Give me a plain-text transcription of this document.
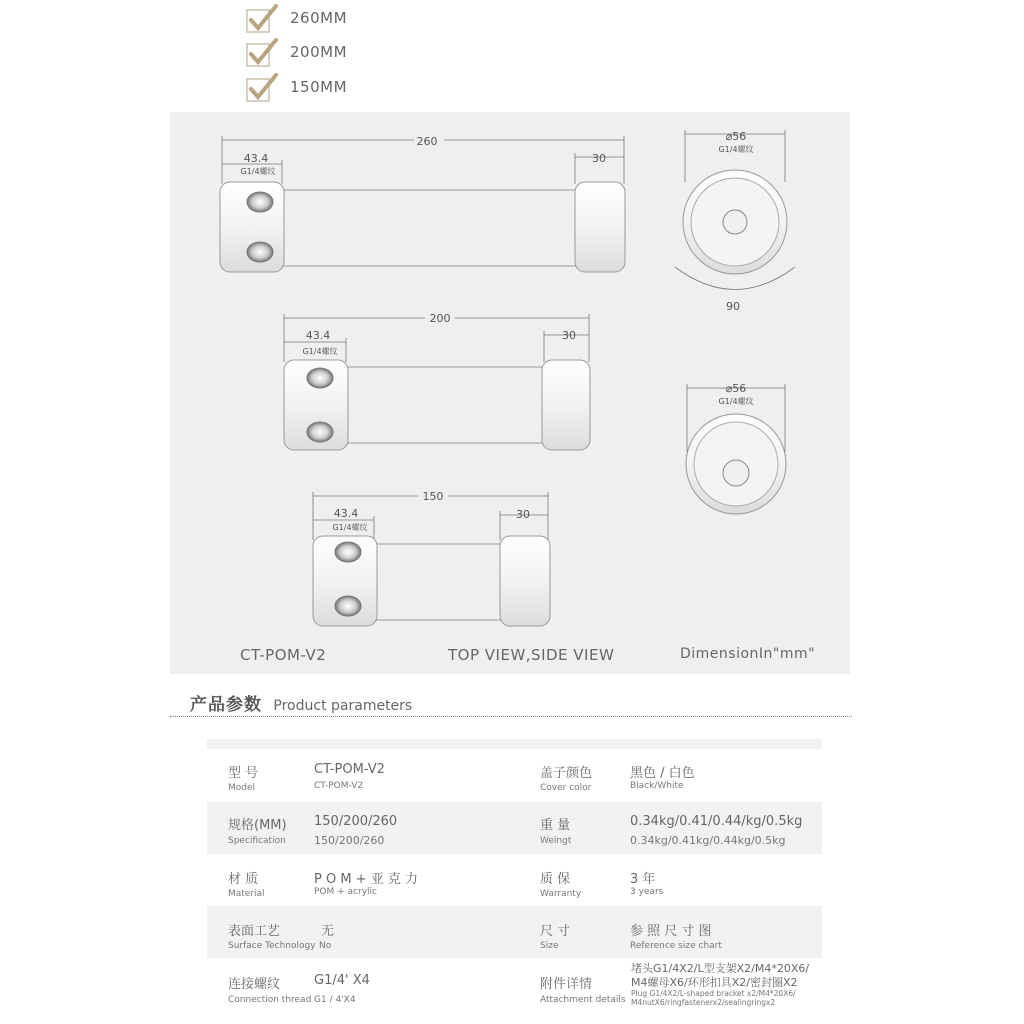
260MM
200MM
150MM
260
43.4
G1/4螺纹
30
200
43.4
G1/4螺纹
30
150
43.4
G1/4螺纹
30
⌀56
G1/4螺纹
90
⌀56
G1/4螺纹
CT-POM-V2	TOP VIEW,SIDE VIEW	DimensionIn"mm"
产品参数 Product parameters
型 号
Model
CT-POM-V2
CT-POM-V2
盖子颜色
Cover color
黑色 / 白色
Black/White
规格(MM)
Specification
150/200/260
150/200/260
重 量
Weingt
0.34kg/0.41/0.44/kg/0.5kg
0.34kg/0.41kg/0.44kg/0.5kg
材 质
Material
P O M + 亚 克 力
POM + acrylic
质 保
Warranty
3 年
3 years
表面工艺
Surface Technology
无
No
尺 寸
Size
参 照 尺 寸 图
Reference size chart
连接螺纹
Connection thread
G1/4' X4
G1 / 4'X4
附件详情
Attachment details
堵头G1/4X2/L型支架X2/M4*20X6/
M4螺母X6/环形扣具X2/密封圈X2
Plug G1/4X2/L-shaped bracket x2/M4*20X6/
M4nutX6/ringfastenerx2/sealingringx2
